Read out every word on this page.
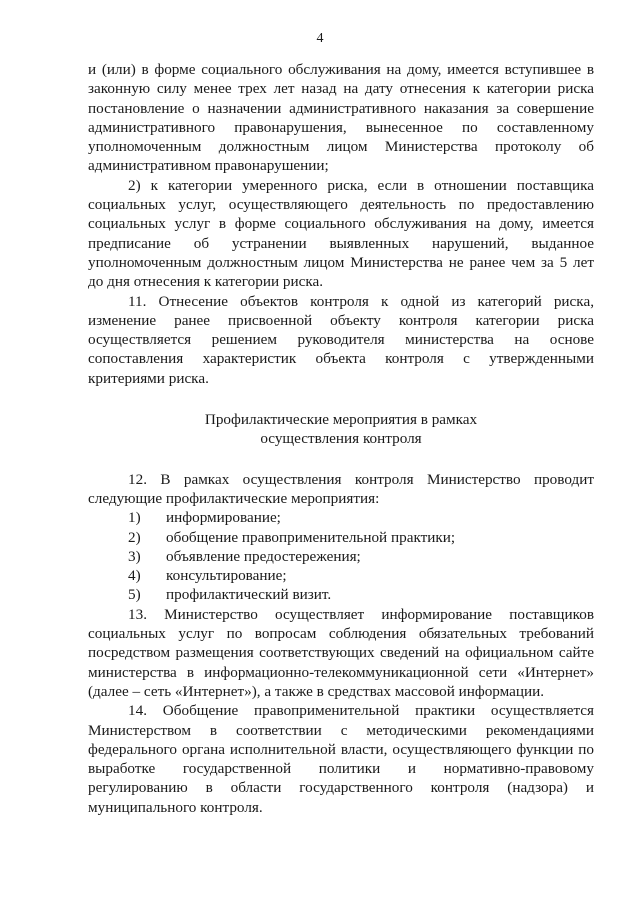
4

и (или) в форме социального обслуживания на дому, имеется вступившее в законную силу менее трех лет назад на дату отнесения к категории риска постановление о назначении административного наказания за совершение административного правонарушения, вынесенное по составленному уполномоченным должностным лицом Министерства протоколу об административном правонарушении;

2) к категории умеренного риска, если в отношении поставщика социальных услуг, осуществляющего деятельность по предоставлению социальных услуг в форме социального обслуживания на дому, имеется предписание об устранении выявленных нарушений, выданное уполномоченным должностным лицом Министерства не ранее чем за 5 лет до дня отнесения к категории риска.

11. Отнесение объектов контроля к одной из категорий риска, изменение ранее присвоенной объекту контроля категории риска осуществляется решением руководителя министерства на основе сопоставления характеристик объекта контроля с утвержденными критериями риска.

Профилактические мероприятия в рамках
осуществления контроля

12. В рамках осуществления контроля Министерство проводит следующие профилактические мероприятия:

1)	информирование;
2)	обобщение правоприменительной практики;
3)	объявление предостережения;
4)	консультирование;
5)	профилактический визит.

13. Министерство осуществляет информирование поставщиков социальных услуг по вопросам соблюдения обязательных требований посредством размещения соответствующих сведений на официальном сайте министерства в информационно-телекоммуникационной сети «Интернет» (далее – сеть «Интернет»), а также в средствах массовой информации.

14. Обобщение правоприменительной практики осуществляется Министерством в соответствии с методическими рекомендациями федерального органа исполнительной власти, осуществляющего функции по выработке государственной политики и нормативно-правовому регулированию в области государственного контроля (надзора) и муниципального контроля.
